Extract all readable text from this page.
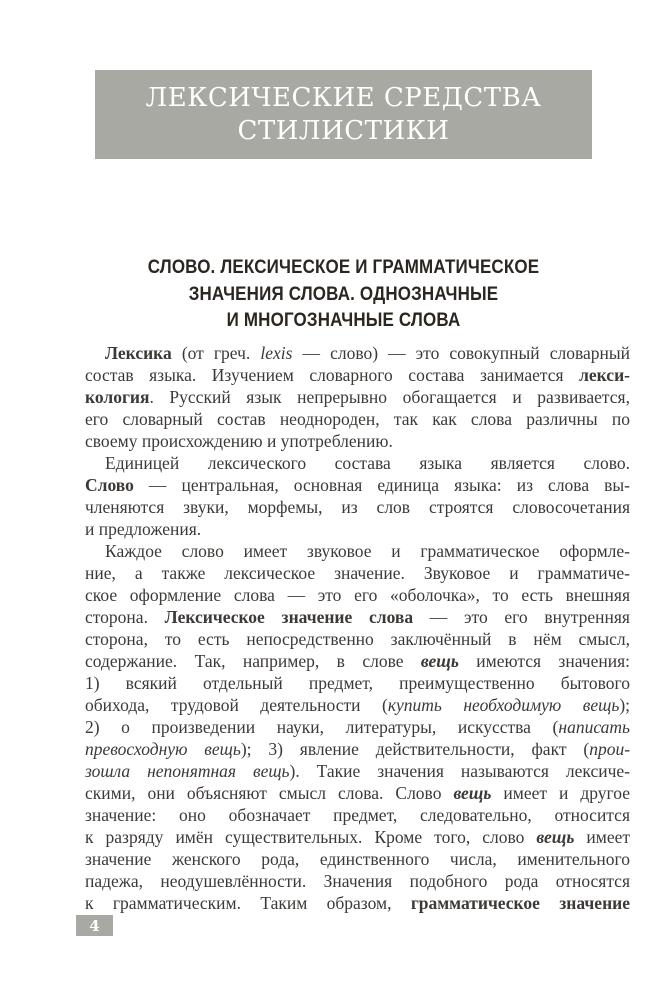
ЛЕКСИЧЕСКИЕ СРЕДСТВА
СТИЛИСТИКИ
СЛОВО. ЛЕКСИЧЕСКОЕ И ГРАММАТИЧЕСКОЕ
ЗНАЧЕНИЯ СЛОВА. ОДНОЗНАЧНЫЕ
И МНОГОЗНАЧНЫЕ СЛОВА
Лексика (от греч. lexis — слово) — это совокупный словарный
состав языка. Изучением словарного состава занимается лекси-
кология. Русский язык непрерывно обогащается и развивается,
его словарный состав неоднороден, так как слова различны по
своему происхождению и употреблению.
Единицей лексического состава языка является слово.
Слово — центральная, основная единица языка: из слова вы-
членяются звуки, морфемы, из слов строятся словосочетания
и предложения.
Каждое слово имеет звуковое и грамматическое оформле-
ние, а также лексическое значение. Звуковое и грамматиче-
ское оформление слова — это его «оболочка», то есть внешняя
сторона. Лексическое значение слова — это его внутренняя
сторона, то есть непосредственно заключённый в нём смысл,
содержание. Так, например, в слове вещь имеются значения:
1) всякий отдельный предмет, преимущественно бытового
обихода, трудовой деятельности (купить необходимую вещь);
2) о произведении науки, литературы, искусства (написать
превосходную вещь); 3) явление действительности, факт (прои-
зошла непонятная вещь). Такие значения называются лексиче-
скими, они объясняют смысл слова. Слово вещь имеет и другое
значение: оно обозначает предмет, следовательно, относится
к разряду имён существительных. Кроме того, слово вещь имеет
значение женского рода, единственного числа, именительного
падежа, неодушевлённости. Значения подобного рода относятся
к грамматическим. Таким образом, грамматическое значение
4
